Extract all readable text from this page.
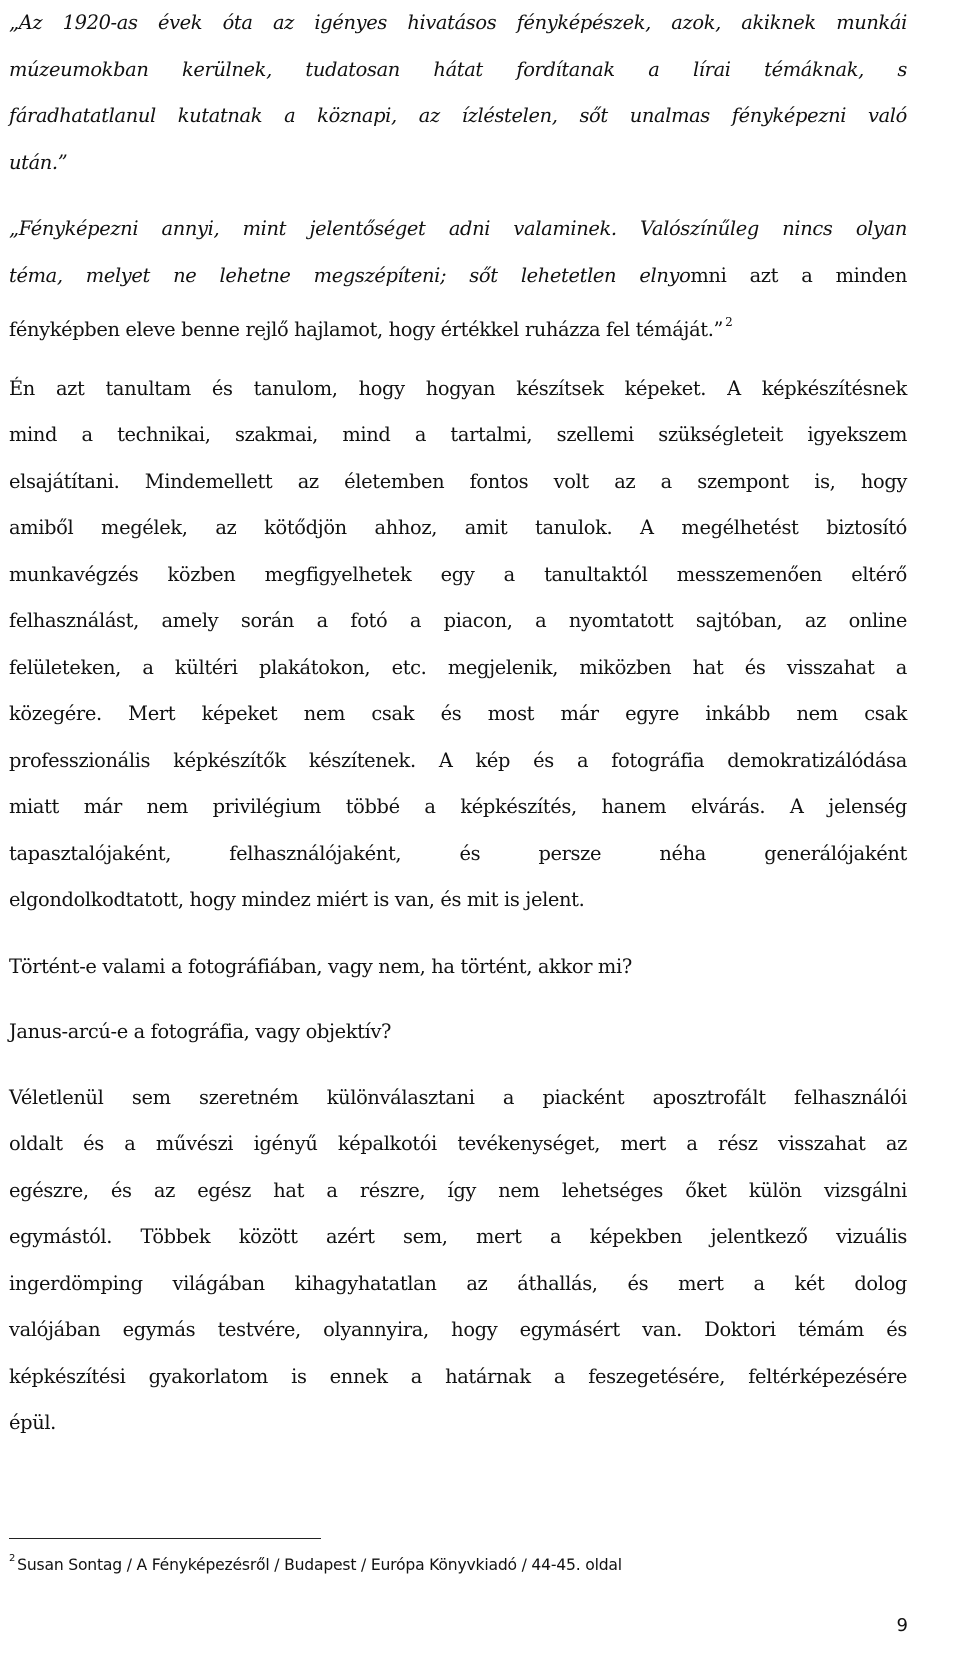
„Az 1920-as évek óta az igényes hivatásos fényképészek, azok, akiknek munkái
múzeumokban kerülnek, tudatosan hátat fordítanak a lírai témáknak, s
fáradhatatlanul kutatnak a köznapi, az ízléstelen, sőt unalmas fényképezni való
után.”
„Fényképezni annyi, mint jelentőséget adni valaminek. Valószínűleg nincs olyan
téma, melyet ne lehetne megszépíteni; sőt lehetetlen elnyomni azt a minden
fényképben eleve benne rejlő hajlamot, hogy értékkel ruházza fel témáját.” $^2$
Én azt tanultam és tanulom, hogy hogyan készítsek képeket. A képkészítésnek
mind a technikai, szakmai, mind a tartalmi, szellemi szükségleteit igyekszem
elsajátítani. Mindemellett az életemben fontos volt az a szempont is, hogy
amiből megélek, az kötődjön ahhoz, amit tanulok. A megélhetést biztosító
munkavégzés közben megfigyelhetek egy a tanultaktól messzemenően eltérő
felhasználást, amely során a fotó a piacon, a nyomtatott sajtóban, az online
felületeken, a kültéri plakátokon, etc. megjelenik, miközben hat és visszahat a
közegére. Mert képeket nem csak és most már egyre inkább nem csak
professzionális képkészítők készítenek. A kép és a fotográfia demokratizálódása
miatt már nem privilégium többé a képkészítés, hanem elvárás. A jelenség
tapasztalójaként, felhasználójaként, és persze néha generálójaként
elgondolkodtatott, hogy mindez miért is van, és mit is jelent.
Történt-e valami a fotográfiában, vagy nem, ha történt, akkor mi?
Janus-arcú-e a fotográfia, vagy objektív?
Véletlenül sem szeretném különválasztani a piacként aposztrofált felhasználói
oldalt és a művészi igényű képalkotói tevékenységet, mert a rész visszahat az
egészre, és az egész hat a részre, így nem lehetséges őket külön vizsgálni
egymástól. Többek között azért sem, mert a képekben jelentkező vizuális
ingerdömping világában kihagyhatatlan az áthallás, és mert a két dolog
valójában egymás testvére, olyannyira, hogy egymásért van. Doktori témám és
képkészítési gyakorlatom is ennek a határnak a feszegetésére, feltérképezésére
épül.
$^2$ Susan Sontag / A Fényképezésről / Budapest / Európa Könyvkiadó / 44-45. oldal
9
